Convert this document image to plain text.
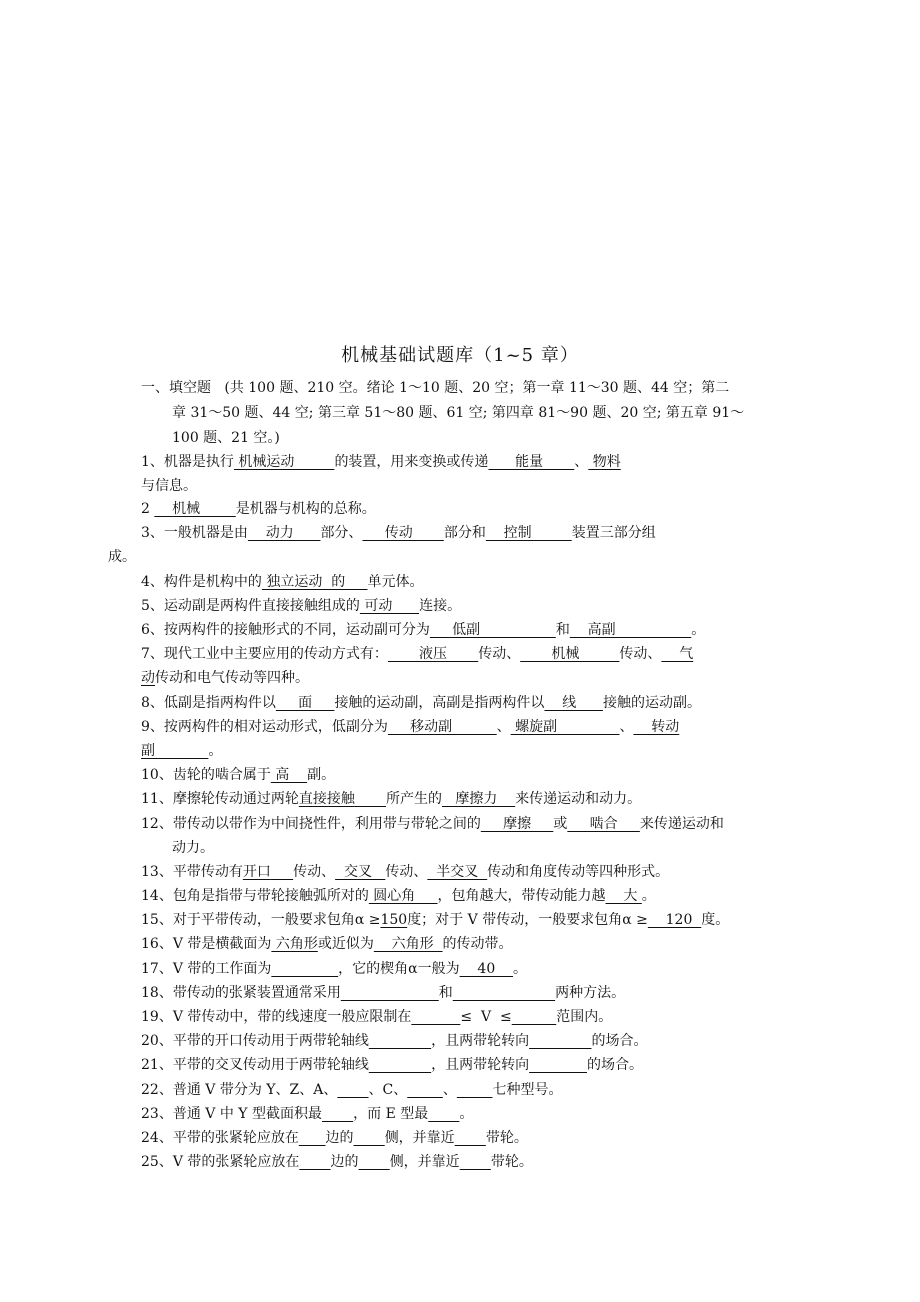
机械基础试题库（1~5 章）
一、填空题 (共 100 题、210 空。绪论 1～10 题、20 空；第一章 11～30 题、44 空；第二
章 31～50 题、44 空; 第三章 51～80 题、61 空; 第四章 81～90 题、20 空; 第五章 91～
100 题、21 空。)
1、机器是执行 机械运动         的装置，用来变换或传递      能量       、 物料
与信息。
2     机械        是机器与机构的总称。
3、一般机器是由    动力      部分、     传动       部分和    控制         装置三部分组
成。
4、构件是机构中的 独立运动  的     单元体。
5、运动副是两构件直接接触组成的 可动      连接。
6、按两构件的接触形式的不同，运动副可分为     低副                 和    高副                 。
7、现代工业中主要应用的传动方式有：       液压       传动、       机械         传动、    气
动传动和电气传动等四种。
8、低副是指两构件以     面     接触的运动副，高副是指两构件以    线      接触的运动副。
9、按两构件的相对运动形式，低副分为     移动副          、 螺旋副              、    转动
副            。
10、齿轮的啮合属于 高    副。
11、摩擦轮传动通过两轮直接接触 所产生的   摩擦力    来传递运动和动力。
12、带传动以带作为中间挠性件，利用带与带轮之间的     摩擦     或     啮合     来传递运动和
动力。
13、平带传动有开口 传动、  交叉   传动、  半交叉  传动和角度传动等四种形式。
14、包角是指带与带轮接触弧所对的 圆心角     ，包角越大，带传动能力越    大 。
15、对于平带传动，一般要求包角α ≥150度；对于 V 带传动，一般要求包角α ≥    120  度。
16、V 带是横截面为 六角形或近似为    六角形  的传动带。
17、V 带的工作面为	，它的楔角α一般为    40    。
18、带传动的张紧装置通常采用	和	两种方法。
19、V 带传动中，带的线速度一般应限制在	≤  V  ≤	范围内。
20、平带的开口传动用于两带轮轴线	，且两带轮转向	的场合。
21、平带的交叉传动用于两带轮轴线	，且两带轮转向	的场合。
22、普通 V 带分为 Y、Z、A、 、C、	、	七种型号。
23、普通 V 中 Y 型截面积最 ，而 E 型最 。
24、平带的张紧轮应放在 边的 侧，并靠近 带轮。
25、V 带的张紧轮应放在 边的 侧，并靠近 带轮。
